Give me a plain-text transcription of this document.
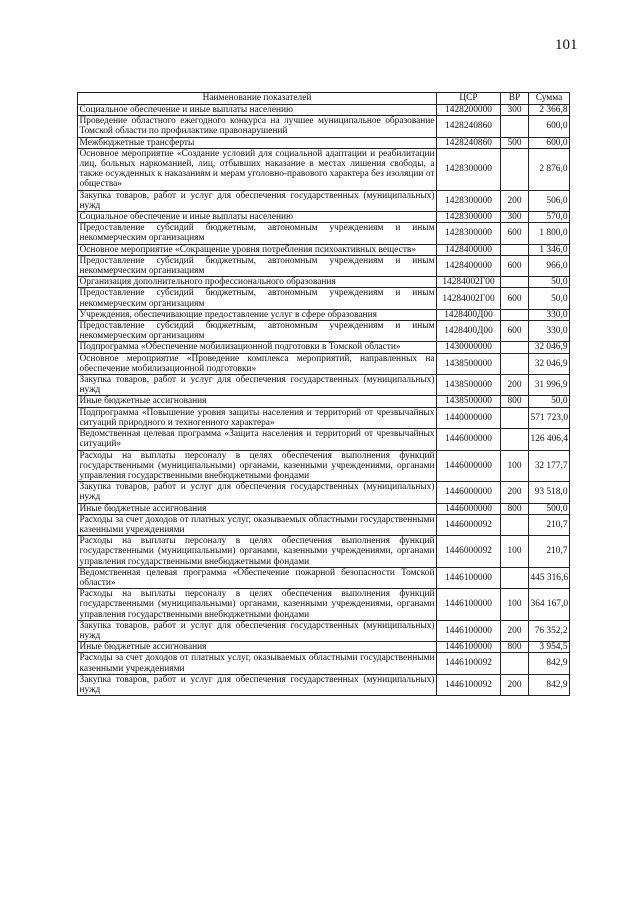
101
Наименование показателей	ЦСР	ВР	Сумма
Социальное обеспечение и иные выплаты населению	1428200000	300	2 366,8
Проведение областного ежегодного конкурса на лучшее муниципальное образование Томской области по профилактике правонарушений	1428240860		600,0
Межбюджетные трансферты	1428240860	500	600,0
Основное мероприятие «Создание условий для социальной адаптации и реабилитации лиц, больных наркоманией, лиц, отбывших наказание в местах лишения свободы, а также осужденных к наказаниям и мерам уголовно-правового характера без изоляции от общества»	1428300000		2 876,0
Закупка товаров, работ и услуг для обеспечения государственных (муниципальных) нужд	1428300000	200	506,0
Социальное обеспечение и иные выплаты населению	1428300000	300	570,0
Предоставление субсидий бюджетным, автономным учреждениям и иным некоммерческим организациям	1428300000	600	1 800,0
Основное мероприятие «Сокращение уровня потребления психоактивных веществ»	1428400000		1 346,0
Предоставление субсидий бюджетным, автономным учреждениям и иным некоммерческим организациям	1428400000	600	966,0
Организация дополнительного профессионального образования	14284002Г00		50,0
Предоставление субсидий бюджетным, автономным учреждениям и иным некоммерческим организациям	14284002Г00	600	50,0
Учреждения, обеспечивающие предоставление услуг в сфере образования	1428400Д00		330,0
Предоставление субсидий бюджетным, автономным учреждениям и иным некоммерческим организациям	1428400Д00	600	330,0
Подпрограмма «Обеспечение мобилизационной подготовки в Томской области»	1430000000		32 046,9
Основное мероприятие «Проведение комплекса мероприятий, направленных на обеспечение мобилизационной подготовки»	1438500000		32 046,9
Закупка товаров, работ и услуг для обеспечения государственных (муниципальных) нужд	1438500000	200	31 996,9
Иные бюджетные ассигнования	1438500000	800	50,0
Подпрограмма «Повышение уровня защиты населения и территорий от чрезвычайных ситуаций природного и техногенного характера»	1440000000		571 723,0
Ведомственная целевая программа «Защита населения и территорий от чрезвычайных ситуаций»	1446000000		126 406,4
Расходы на выплаты персоналу в целях обеспечения выполнения функций государственными (муниципальными) органами, казенными учреждениями, органами управления государственными внебюджетными фондами	1446000000	100	32 177,7
Закупка товаров, работ и услуг для обеспечения государственных (муниципальных) нужд	1446000000	200	93 518,0
Иные бюджетные ассигнования	1446000000	800	500,0
Расходы за счет доходов от платных услуг, оказываемых областными государственными казенными учреждениями	1446000092		210,7
Расходы на выплаты персоналу в целях обеспечения выполнения функций государственными (муниципальными) органами, казенными учреждениями, органами управления государственными внебюджетными фондами	1446000092	100	210,7
Ведомственная целевая программа «Обеспечение пожарной безопасности Томской области»	1446100000		445 316,6
Расходы на выплаты персоналу в целях обеспечения выполнения функций государственными (муниципальными) органами, казенными учреждениями, органами управления государственными внебюджетными фондами	1446100000	100	364 167,0
Закупка товаров, работ и услуг для обеспечения государственных (муниципальных) нужд	1446100000	200	76 352,2
Иные бюджетные ассигнования	1446100000	800	3 954,5
Расходы за счет доходов от платных услуг, оказываемых областными государственными казенными учреждениями	1446100092		842,9
Закупка товаров, работ и услуг для обеспечения государственных (муниципальных) нужд	1446100092	200	842,9
